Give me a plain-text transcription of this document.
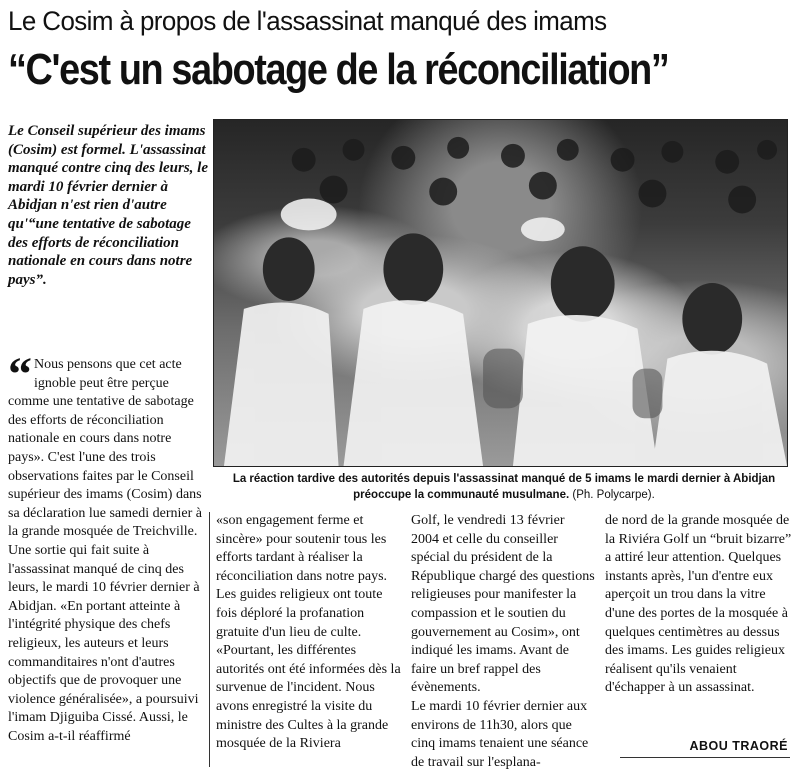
Le Cosim à propos de l'assassinat manqué des imams
“C'est un sabotage de la réconciliation”
Le Conseil supérieur des imams (Cosim) est formel. L'assassinat manqué contre cinq des leurs, le mardi 10 février dernier à Abidjan n'est rien d'autre qu'“une tentative de sabotage des efforts de réconciliation nationale en cours dans notre pays”.
La réaction tardive des autorités depuis l'assassinat manqué de 5 imams le mardi dernier à Abidjan préoccupe la communauté musulmane. (Ph. Polycarpe).
“ Nous pensons que cet acte ignoble peut être perçue comme une tentative de sabotage des efforts de réconciliation nationale en cours dans notre pays». C'est l'une des trois observations faites par le Conseil supérieur des imams (Cosim) dans sa déclaration lue samedi dernier à la grande mosquée de Treichville. Une sortie qui fait suite à l'assassinat manqué de cinq des leurs, le mardi 10 février dernier à Abidjan. «En portant atteinte à l'intégrité physique des chefs religieux, les auteurs et leurs commanditaires n'ont d'autres objectifs que de provoquer une violence généralisée», a poursuivi l'imam Djiguiba Cissé. Aussi, le Cosim a-t-il réaffirmé

«son engagement ferme et sincère» pour soutenir tous les efforts tardant à réaliser la réconciliation dans notre pays.

Les guides religieux ont toute fois déploré la profanation gratuite d'un lieu de culte. «Pourtant, les différentes autorités ont été informées dès la survenue de l'incident. Nous avons enregistré la visite du ministre des Cultes à la grande mosquée de la Riviera

Golf, le vendredi 13 février 2004 et celle du conseiller spécial du président de la République chargé des questions religieuses pour manifester la compassion et le soutien du gouvernement au Cosim», ont indiqué les imams. Avant de faire un bref rappel des évènements.

Le mardi 10 février dernier aux environs de 11h30, alors que cinq imams tenaient une séance de travail sur l'esplana-

de nord de la grande mosquée de la Riviéra Golf un “bruit bizarre” a attiré leur attention. Quelques instants après, l'un d'entre eux aperçoit un trou dans la vitre d'une des portes de la mosquée à quelques centimètres au dessus des imams. Les guides religieux réalisent qu'ils venaient d'échapper à un assassinat.

ABOU TRAORÉ
